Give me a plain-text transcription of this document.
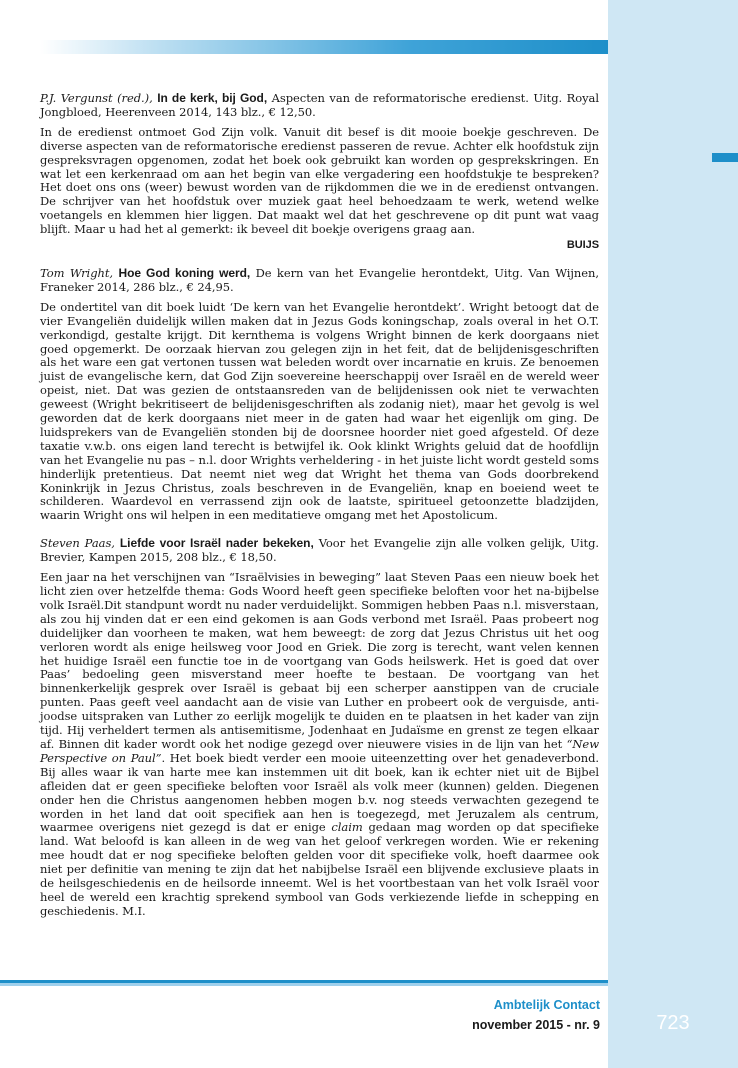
P.J. Vergunst (red.), In de kerk, bij God, Aspecten van de reformatorische eredienst. Uitg. Royal Jongbloed, Heerenveen 2014, 143 blz., € 12,50.

In de eredienst ontmoet God Zijn volk. Vanuit dit besef is dit mooie boekje geschreven. De diverse aspecten van de reformatorische eredienst passeren de revue. Achter elk hoofdstuk zijn gespreksvragen opgenomen, zodat het boek ook gebruikt kan worden op gesprekskringen. En wat let een kerkenraad om aan het begin van elke vergadering een hoofdstukje te bespreken? Het doet ons ons (weer) bewust worden van de rijkdommen die we in de eredienst ontvangen. De schrijver van het hoofdstuk over muziek gaat heel behoedzaam te werk, wetend welke voetangels en klemmen hier liggen. Dat maakt wel dat het geschrevene op dit punt wat vaag blijft. Maar u had het al gemerkt: ik beveel dit boekje overigens graag aan.

BUIJS

Tom Wright, Hoe God koning werd, De kern van het Evangelie herontdekt, Uitg. Van Wijnen, Franeker 2014, 286 blz., € 24,95.

De ondertitel van dit boek luidt ‘De kern van het Evangelie herontdekt’. Wright betoogt dat de vier Evangeliën duidelijk willen maken dat in Jezus Gods koningschap, zoals overal in het O.T. verkondigd, gestalte krijgt. Dit kernthema is volgens Wright binnen de kerk doorgaans niet goed opgemerkt. De oorzaak hiervan zou gelegen zijn in het feit, dat de belijdenisgeschriften als het ware een gat vertonen tussen wat beleden wordt over incarnatie en kruis. Ze benoemen juist de evangelische kern, dat God Zijn soevereine heerschappij over Israël en de wereld weer opeist, niet. Dat was gezien de ontstaansreden van de belijdenissen ook niet te verwachten geweest (Wright bekritiseert de belijdenisgeschriften als zodanig niet), maar het gevolg is wel geworden dat de kerk doorgaans niet meer in de gaten had waar het eigenlijk om ging. De luidsprekers van de Evangeliën stonden bij de doorsnee hoorder niet goed afgesteld. Of deze taxatie v.w.b. ons eigen land terecht is betwijfel ik. Ook klinkt Wrights geluid dat de hoofdlijn van het Evangelie nu pas – n.l. door Wrights verheldering - in het juiste licht wordt gesteld soms hinderlijk pretentieus. Dat neemt niet weg dat Wright het thema van Gods doorbrekend Koninkrijk in Jezus Christus, zoals beschreven in de Evangeliën, knap en boeiend weet te schilderen. Waardevol en verrassend zijn ook de laatste, spiritueel getoonzette bladzijden, waarin Wright ons wil helpen in een meditatieve omgang met het Apostolicum.

Steven Paas, Liefde voor Israël nader bekeken, Voor het Evangelie zijn alle volken gelijk, Uitg. Brevier, Kampen 2015, 208 blz., € 18,50.

Een jaar na het verschijnen van “Israëlvisies in beweging” laat Steven Paas een nieuw boek het licht zien over hetzelfde thema: Gods Woord heeft geen specifieke beloften voor het na-bijbelse volk Israël.Dit standpunt wordt nu nader verduidelijkt. Sommigen hebben Paas n.l. misverstaan, als zou hij vinden dat er een eind gekomen is aan Gods verbond met Israël. Paas probeert nog duidelijker dan voorheen te maken, wat hem beweegt: de zorg dat Jezus Christus uit het oog verloren wordt als enige heilsweg voor Jood en Griek. Die zorg is terecht, want velen kennen het huidige Israël een functie toe in de voortgang van Gods heilswerk. Het is goed dat over Paas’ bedoeling geen misverstand meer hoefte te bestaan. De voortgang van het binnenkerkelijk gesprek over Israël is gebaat bij een scherper aanstippen van de cruciale punten. Paas geeft veel aandacht aan de visie van Luther en probeert ook de verguisde, anti-joodse uitspraken van Luther zo eerlijk mogelijk te duiden en te plaatsen in het kader van zijn tijd. Hij verheldert termen als antisemitisme, Jodenhaat en Judaïsme en grenst ze tegen elkaar af. Binnen dit kader wordt ook het nodige gezegd over nieuwere visies in de lijn van het “New Perspective on Paul”. Het boek biedt verder een mooie uiteenzetting over het genadeverbond. Bij alles waar ik van harte mee kan instemmen uit dit boek, kan ik echter niet uit de Bijbel afleiden dat er geen specifieke beloften voor Israël als volk meer (kunnen) gelden. Diegenen onder hen die Christus aangenomen hebben mogen b.v. nog steeds verwachten gezegend te worden in het land dat ooit specifiek aan hen is toegezegd, met Jeruzalem als centrum, waarmee overigens niet gezegd is dat er enige claim gedaan mag worden op dat specifieke land. Wat beloofd is kan alleen in de weg van het geloof verkregen worden. Wie er rekening mee houdt dat er nog specifieke beloften gelden voor dit specifieke volk, hoeft daarmee ook niet per definitie van mening te zijn dat het nabijbelse Israël een blijvende exclusieve plaats in de heilsgeschiedenis en de heilsorde inneemt. Wel is het voortbestaan van het volk Israël voor heel de wereld een krachtig sprekend symbool van Gods verkiezende liefde in schepping en geschiedenis. M.I.

Ambtelijk Contact
november 2015 - nr. 9	723
